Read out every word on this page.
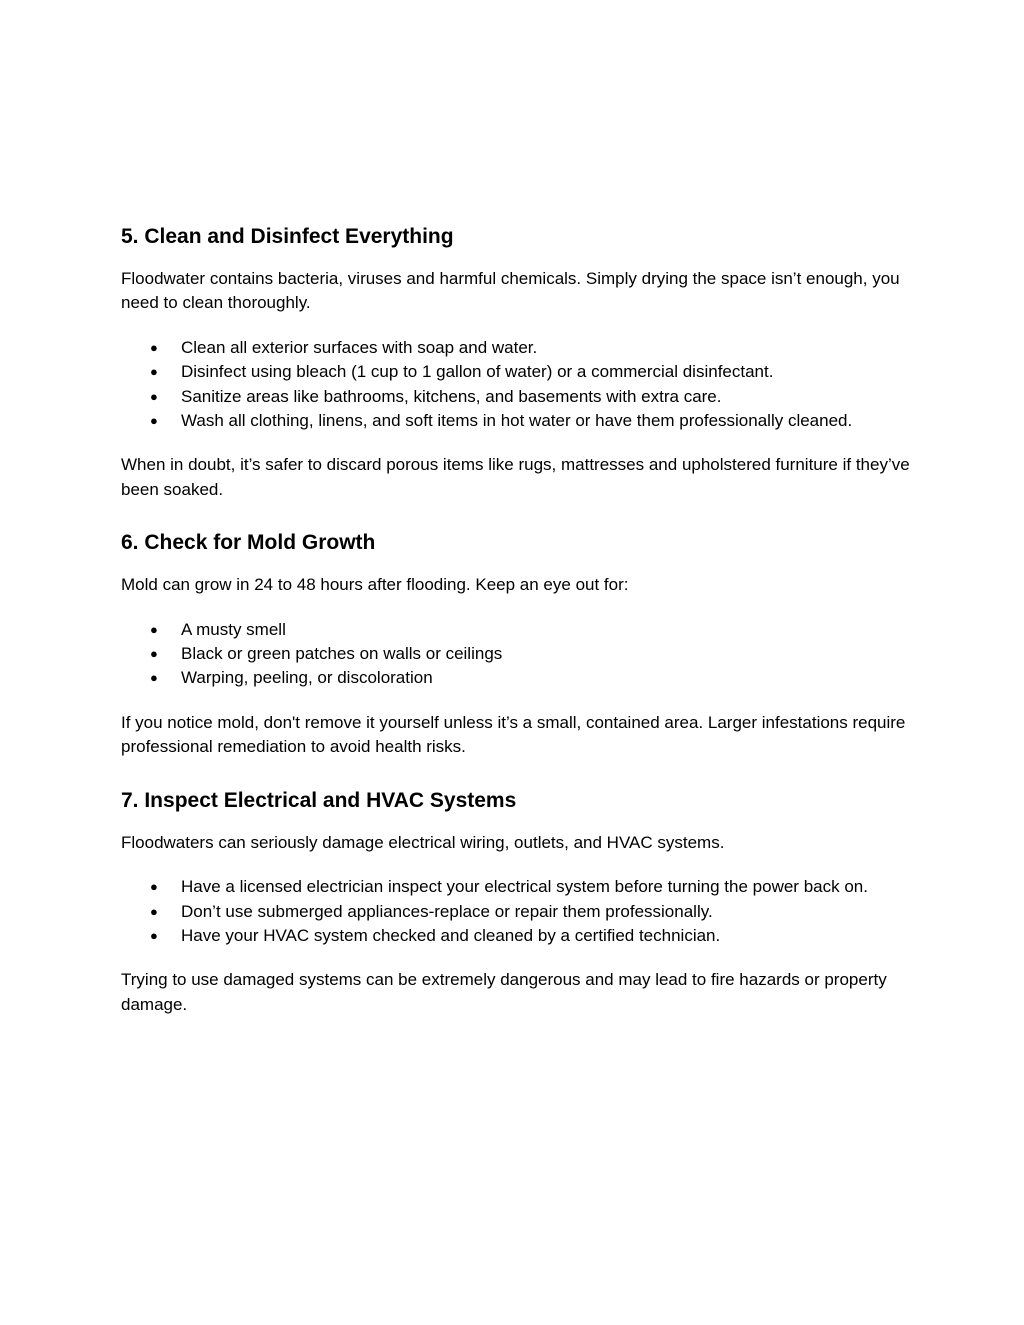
5. Clean and Disinfect Everything

Floodwater contains bacteria, viruses and harmful chemicals. Simply drying the space isn’t enough, you need to clean thoroughly.

● Clean all exterior surfaces with soap and water.
● Disinfect using bleach (1 cup to 1 gallon of water) or a commercial disinfectant.
● Sanitize areas like bathrooms, kitchens, and basements with extra care.
● Wash all clothing, linens, and soft items in hot water or have them professionally cleaned.

When in doubt, it’s safer to discard porous items like rugs, mattresses and upholstered furniture if they’ve been soaked.

6. Check for Mold Growth

Mold can grow in 24 to 48 hours after flooding. Keep an eye out for:

● A musty smell
● Black or green patches on walls or ceilings
● Warping, peeling, or discoloration

If you notice mold, don't remove it yourself unless it’s a small, contained area. Larger infestations require professional remediation to avoid health risks.

7. Inspect Electrical and HVAC Systems

Floodwaters can seriously damage electrical wiring, outlets, and HVAC systems.

● Have a licensed electrician inspect your electrical system before turning the power back on.
● Don’t use submerged appliances-replace or repair them professionally.
● Have your HVAC system checked and cleaned by a certified technician.

Trying to use damaged systems can be extremely dangerous and may lead to fire hazards or property damage.
